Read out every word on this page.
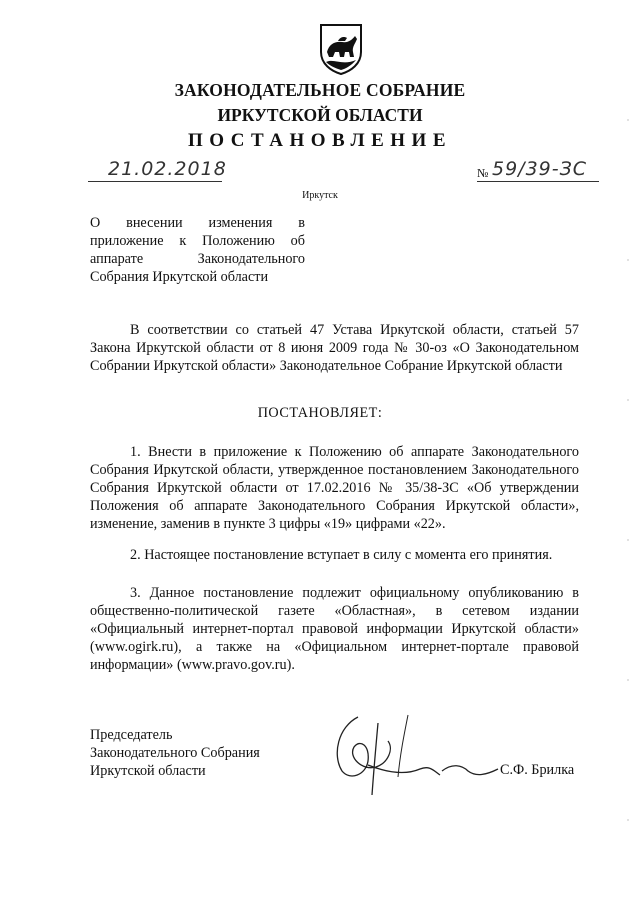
ЗАКОНОДАТЕЛЬНОЕ СОБРАНИЕ
ИРКУТСКОЙ ОБЛАСТИ
ПОСТАНОВЛЕНИЕ
21.02.2018	№ 59/39-ЗС
Иркутск
О внесении изменения в приложение к Положению об аппарате Законодательного Собрания Иркутской области
В соответствии со статьей 47 Устава Иркутской области, статьей 57 Закона Иркутской области от 8 июня 2009 года № 30-оз «О Законодательном Собрании Иркутской области» Законодательное Собрание Иркутской области
ПОСТАНОВЛЯЕТ:
1. Внести в приложение к Положению об аппарате Законодательного Собрания Иркутской области, утвержденное постановлением Законодательного Собрания Иркутской области от 17.02.2016 № 35/38-ЗС «Об утверждении Положения об аппарате Законодательного Собрания Иркутской области», изменение, заменив в пункте 3 цифры «19» цифрами «22».
2. Настоящее постановление вступает в силу с момента его принятия.
3. Данное постановление подлежит официальному опубликованию в общественно-политической газете «Областная», в сетевом издании «Официальный интернет-портал правовой информации Иркутской области» (www.ogirk.ru), а также на «Официальном интернет-портале правовой информации» (www.pravo.gov.ru).
Председатель
Законодательного Собрания
Иркутской области	С.Ф. Брилка
